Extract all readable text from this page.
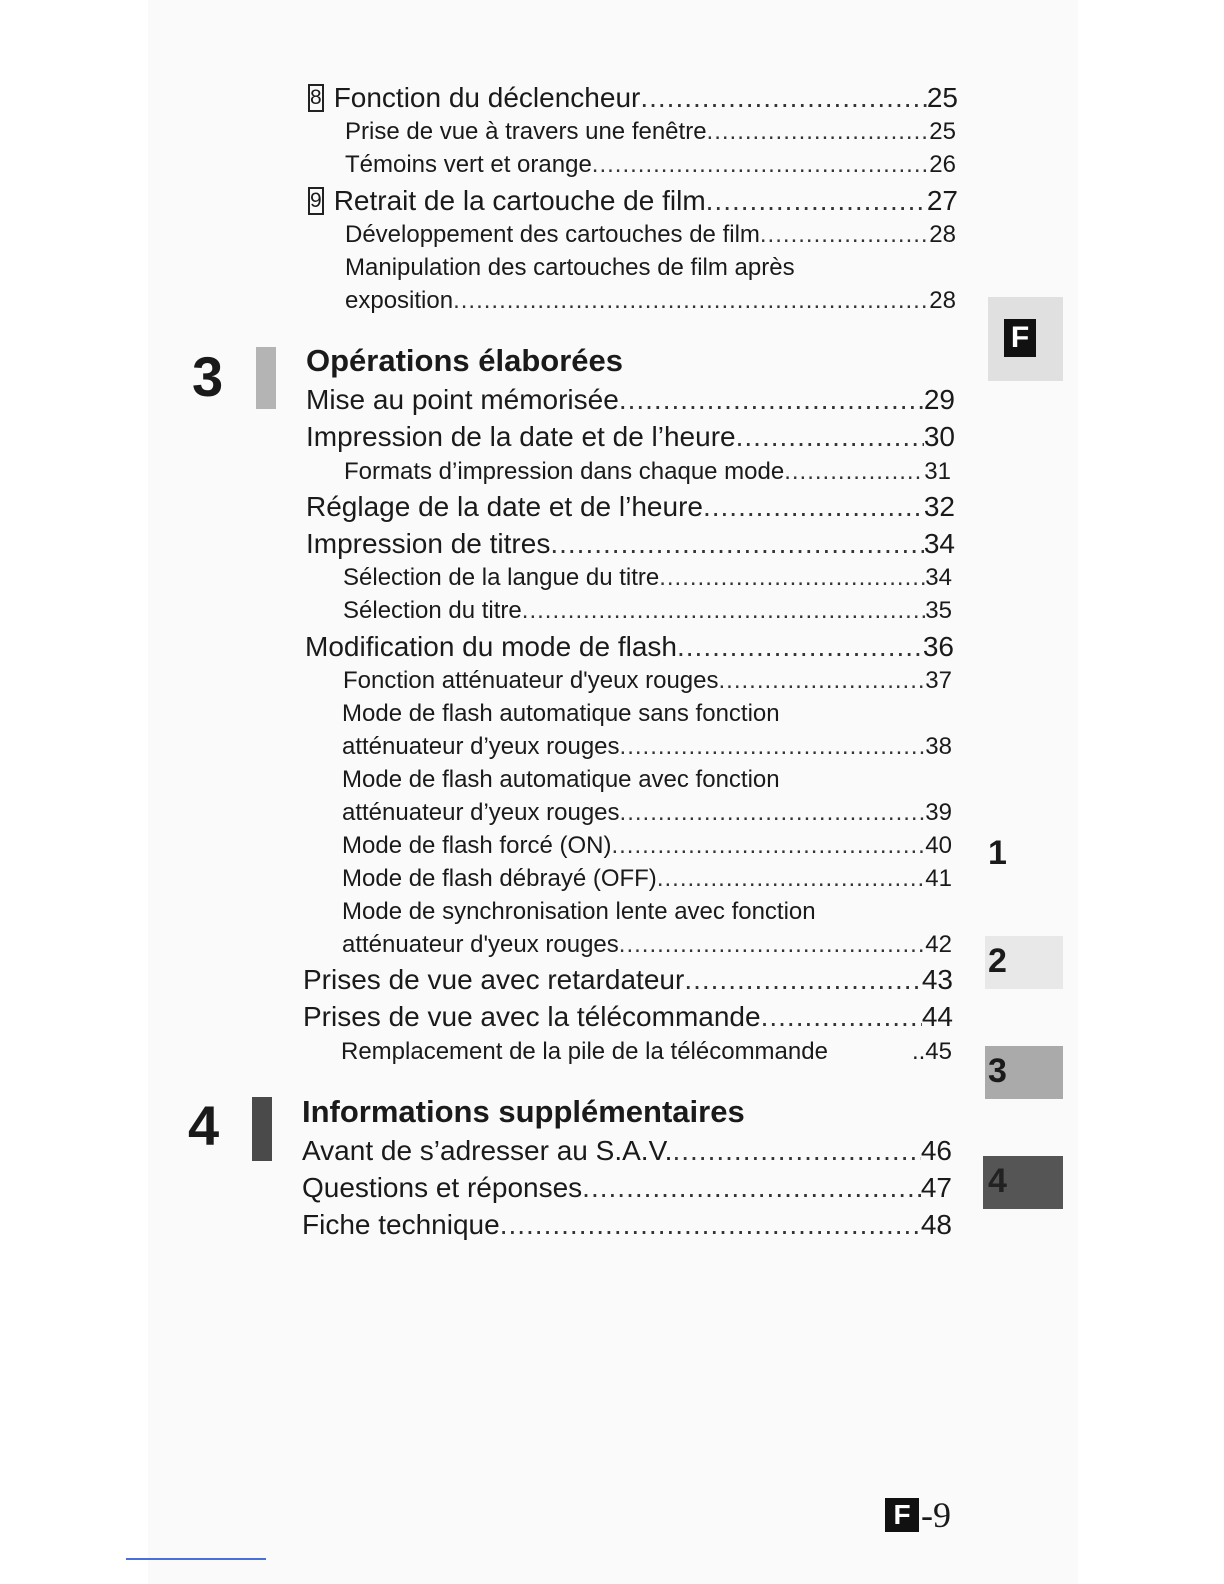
8 Fonction du déclencheur .....	25
Prise de vue à travers une fenêtre .....	25
Témoins vert et orange .....	26
9 Retrait de la cartouche de film .....	27
Développement des cartouches de film .....	28
Manipulation des cartouches de film après
exposition .....	28
3	Opérations élaborées
Mise au point mémorisée .....	29
Impression de la date et de l’heure .....	30
Formats d’impression dans chaque mode .....	31
Réglage de la date et de l’heure .....	32
Impression de titres .....	34
Sélection de la langue du titre .....	34
Sélection du titre .....	35
Modification du mode de flash .....	36
Fonction atténuateur d'yeux rouges .....	37
Mode de flash automatique sans fonction
atténuateur d’yeux rouges .....	38
Mode de flash automatique avec fonction
atténuateur d’yeux rouges .....	39
Mode de flash forcé (ON) .....	40
Mode de flash débrayé (OFF) .....	41
Mode de synchronisation lente avec fonction
atténuateur d'yeux rouges .....	42
Prises de vue avec retardateur .....	43
Prises de vue avec la télécommande .....	44
Remplacement de la pile de la télécommande	..45
4	Informations supplémentaires
Avant de s’adresser au S.A.V. .....	46
Questions et réponses .....	47
Fiche technique .....	48
F
1
2
3
4
F -9
